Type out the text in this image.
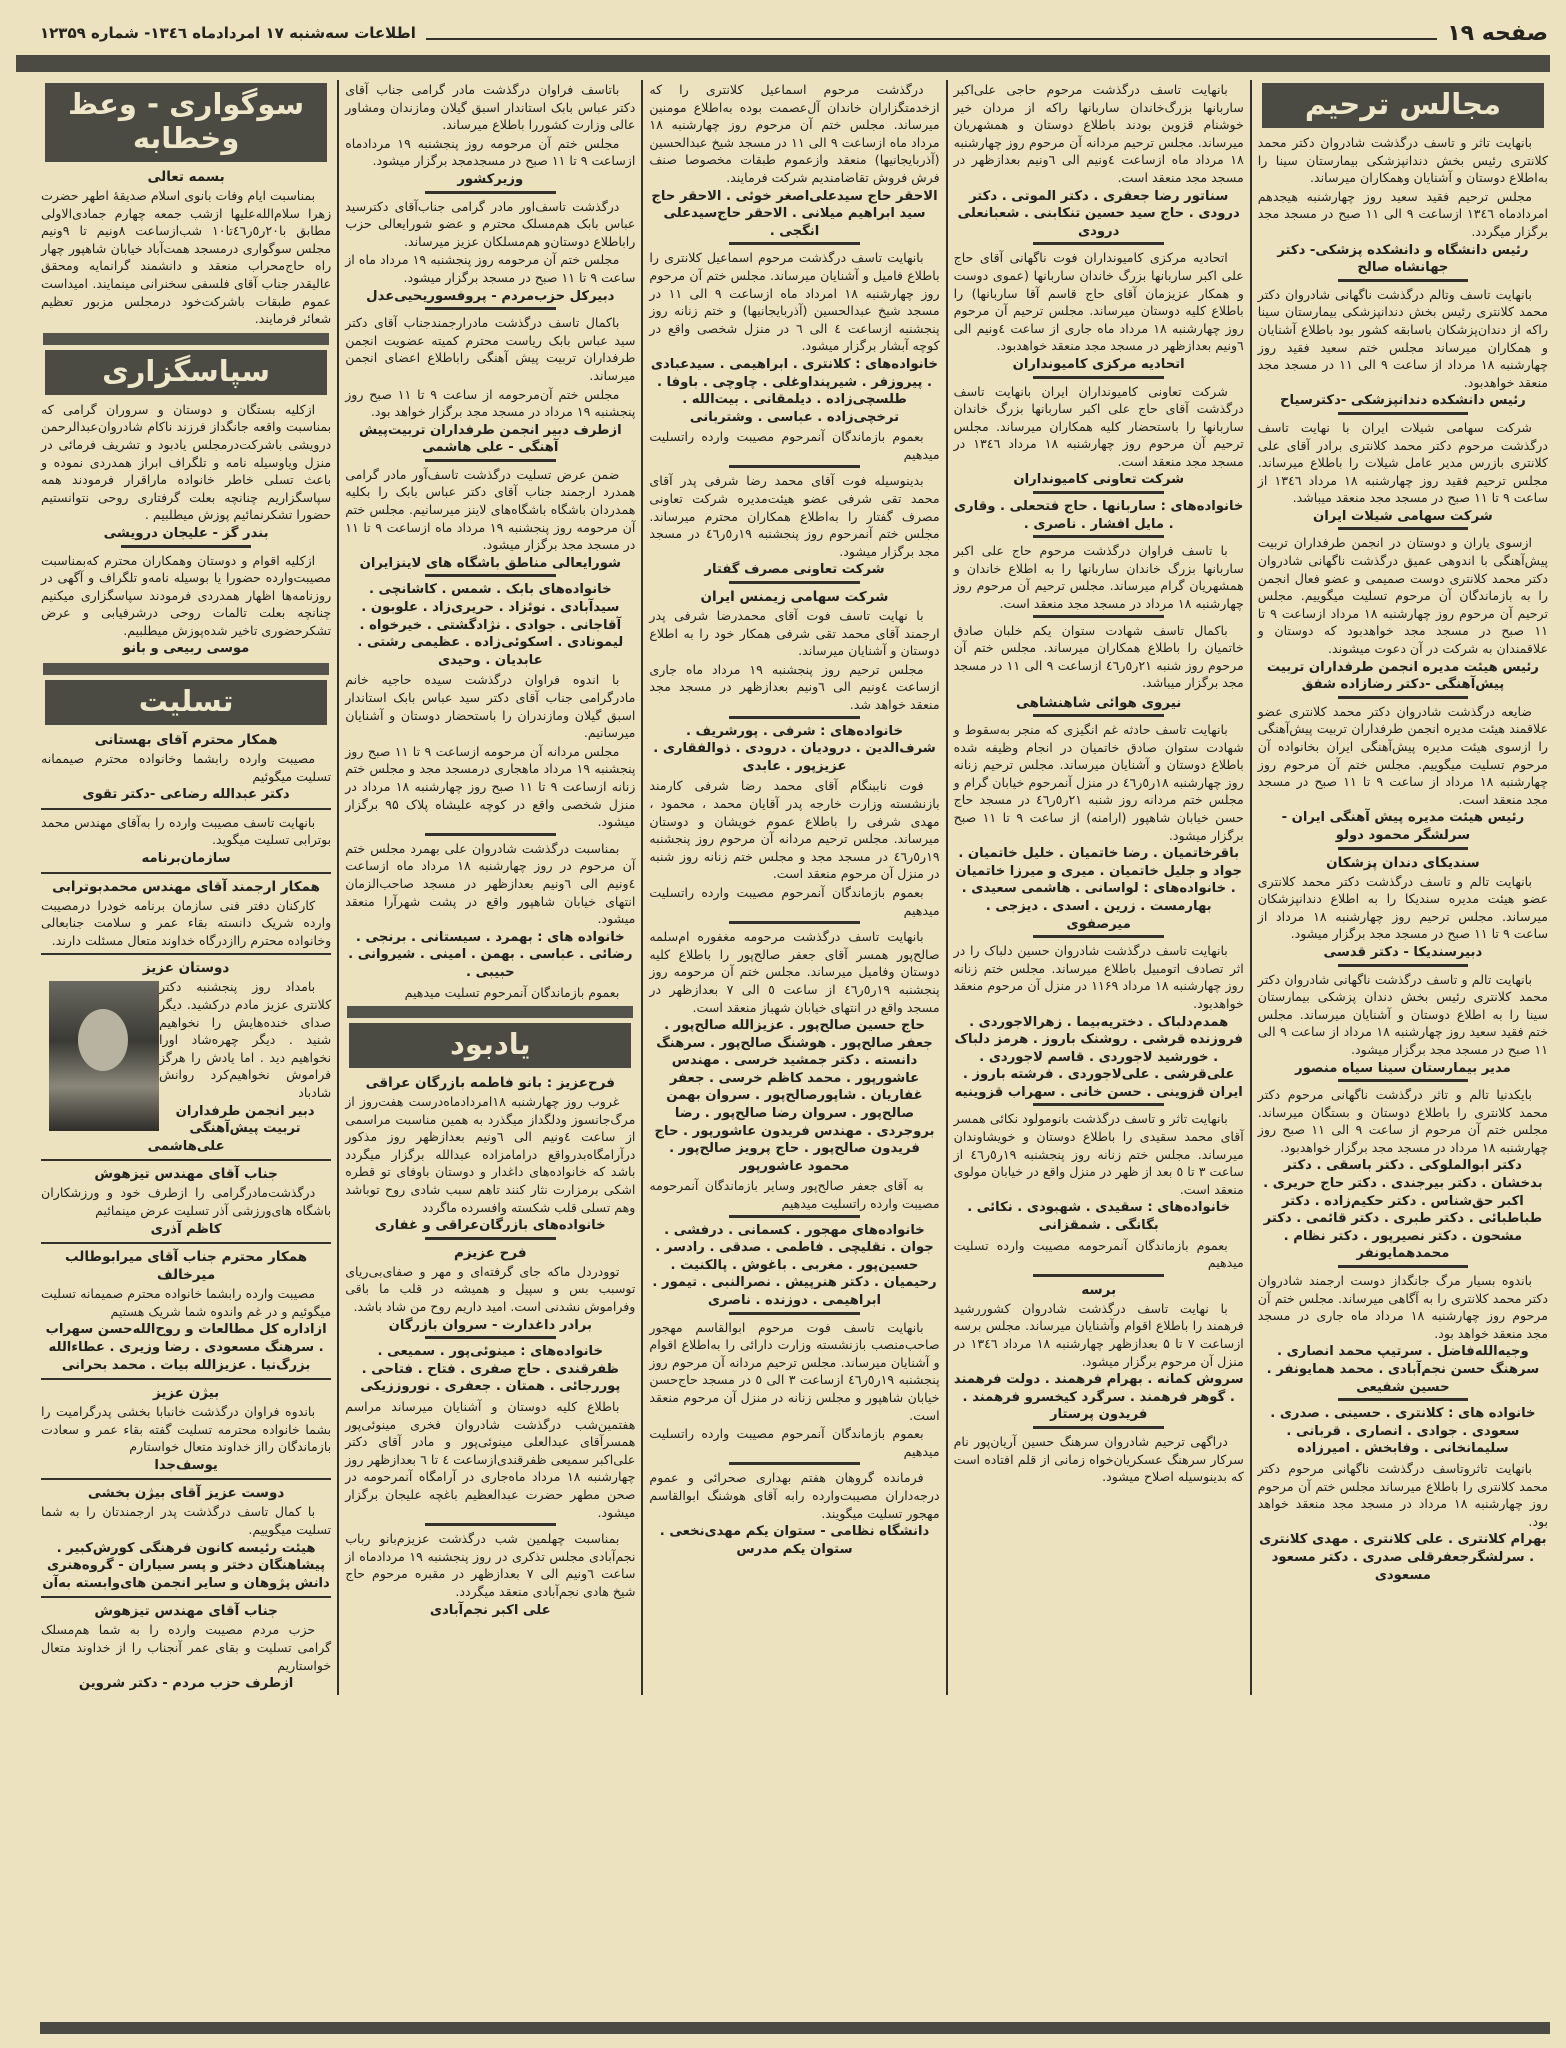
صفحه ۱۹
اطلاعات سه‌شنبه ۱۷ امردادماه ۱۳٤٦- شماره ۱۲۳۵۹
مجالس ترحیم
بانهایت تاثر و تاسف درگذشت شادروان دکتر محمد کلانتری رئیس بخش دندانپزشکی بیمارستان سینا را به‌اطلاع دوستان و آشنایان وهمکاران میرساند.
مجلس ترحیم فقید سعید روز چهارشنبه هیجدهم امردادماه ۱۳٤٦ ازساعت ۹ الی ۱۱ صبح در مسجد مجد برگزار میگردد.
رئیس دانشگاه و دانشکده پزشکی- دکتر جهانشاه صالح
بانهایت تاسف وتالم درگذشت ناگهانی شادروان دکتر محمد کلانتری رئیس بخش دندانپزشکی بیمارستان سینا راکه از دندان‌پزشکان باسابقه کشور بود باطلاع آشنایان و همکاران میرساند مجلس ختم سعید فقید روز چهارشنبه ۱۸ مرداد از ساعت ۹ الی ۱۱ در مسجد مجد منعقد خواهدبود.
رئیس دانشکده دندانپزشکی -دکترسیاح
شرکت سهامی شیلات ایران با نهایت تاسف درگذشت مرحوم دکتر محمد کلانتری برادر آقای علی کلانتری بازرس مدیر عامل شیلات را باطلاع میرساند. مجلس ترحیم فقید روز چهارشنبه ۱۸ مرداد ۱۳٤٦ از ساعت ۹ تا ۱۱ صبح در مسجد مجد منعقد میباشد.
شرکت سهامی شیلات ایران
ازسوی یاران و دوستان در انجمن طرفداران تربیت پیش‌آهنگی با اندوهی عمیق درگذشت ناگهانی شادروان دکتر محمد کلانتری دوست صمیمی و عضو فعال انجمن را به بازماندگان آن مرحوم تسلیت میگوییم. مجلس ترحیم آن مرحوم روز چهارشنبه ۱۸ مرداد ازساعت ۹ تا ۱۱ صبح در مسجد مجد خواهدبود که دوستان و علاقمندان به شرکت در آن دعوت میشوند.
رئیس هیئت مدیره انجمن طرفداران تربیت پیش‌آهنگی -دکتر رضازاده شفق
ضایعه درگذشت شادروان دکتر محمد کلانتری عضو علاقمند هیئت مدیره انجمن طرفداران تربیت پیش‌آهنگی را ازسوی هیئت مدیره پیش‌آهنگی ایران بخانواده آن مرحوم تسلیت میگوییم. مجلس ختم آن مرحوم روز چهارشنبه ۱۸ مرداد از ساعت ۹ تا ۱۱ صبح در مسجد مجد منعقد است.
رئیس هیئت مدیره پیش آهنگی ایران - سرلشگر محمود دولو
سندیکای دندان پزشکان
بانهایت تالم و تاسف درگذشت دکتر محمد کلانتری عضو هیئت مدیره سندیکا را به اطلاع دندانپزشکان میرساند. مجلس ترحیم روز چهارشنبه ۱۸ مرداد از ساعت ۹ تا ۱۱ صبح در مسجد مجد برگزار میشود.
دبیرسندیکا - دکتر قدسی
بانهایت تالم و تاسف درگذشت ناگهانی شادروان دکتر محمد کلانتری رئیس بخش دندان پزشکی بیمارستان سینا را به اطلاع دوستان و آشنایان میرساند. مجلس ختم فقید سعید روز چهارشنبه ۱۸ مرداد از ساعت ۹ الی ۱۱ صبح در مسجد مجد برگزار میشود.
مدیر بیمارستان سینا سیاه منصور
بایکدنیا تالم و تاثر درگذشت ناگهانی مرحوم دکتر محمد کلانتری را باطلاع دوستان و بستگان میرساند. مجلس ختم آن مرحوم از ساعت ۹ الی ۱۱ صبح روز چهارشنبه ۱۸ مرداد در مسجد مجد برگزار خواهدبود.
دکتر ابوالملوکی . دکتر باسقی . دکتر بدخشان . دکتر بیرجندی . دکتر حاج حریری . اکبر حق‌شناس . دکتر حکیم‌زاده . دکتر طباطبائی . دکتر طبری . دکتر قائمی . دکتر مشحون . دکتر نصیرپور . دکتر نظام . محمد‌هما‌یونفر
باندوه بسیار مرگ جانگداز دوست ارجمند شادروان دکتر محمد کلانتری را به آگاهی میرساند. مجلس ختم آن مرحوم روز چهارشنبه ۱۸ مرداد ماه جاری در مسجد مجد منعقد خواهد بود.
وجیه‌الله‌فاضل . سرتیپ محمد انصاری . سرهنگ حسن نجم‌آبادی . محمد همایونفر . حسین شفیعی
خانواده های : کلانتری . حسینی . صدری . سعودی . جوادی . انصاری . قربانی . سلیمانخانی . وفابخش . امیرزاده
بانهایت تاثروتاسف درگذشت ناگهانی مرحوم دکتر محمد کلانتری را باطلاع میرساند مجلس ختم آن مرحوم روز چهارشنبه ۱۸ مرداد در مسجد مجد منعقد خواهد بود.
بهرام کلانتری . علی کلانتری . مهدی کلانتری . سرلشگرجعفرقلی صدری . دکتر مسعود مسعودی
بانهایت تاسف درگذشت مرحوم حاجی علی‌اکبر ساربانها بزرگ‌خاندان ساربانها راکه از مردان خیر خوشنام قزوین بودند باطلاع دوستان و همشهریان میرساند. مجلس ترحیم مردانه آن مرحوم روز چهارشنبه ۱۸ مرداد ماه ازساعت ٤ونیم الی ٦ونیم بعدازظهر در مسجد مجد منعقد است.
سناتور رضا جعفری . دکتر الموتی . دکتر درودی . حاج سید حسین تنکابنی . شعبانعلی درودی
اتحادیه مرکزی کامیونداران فوت ناگهانی آقای حاج علی اکبر ساربانها بزرگ خاندان ساربانها (عموی دوست و همکار عزیزمان آقای حاج قاسم آقا ساربانها) را باطلاع کلیه دوستان میرساند. مجلس ترحیم آن مرحوم روز چهارشنبه ۱۸ مرداد ماه جاری از ساعت ٤ونیم الی ٦ونیم بعدازظهر در مسجد مجد منعقد خواهدبود.
اتحادیه مرکزی کامیونداران
شرکت تعاونی کامیونداران ایران بانهایت تاسف درگذشت آقای حاج علی اکبر ساربانها بزرگ خاندان ساربانها را باستحضار کلیه همکاران میرساند. مجلس ترحیم آن مرحوم روز چهارشنبه ۱۸ مرداد ۱۳٤٦ در مسجد مجد منعقد است.
شرکت تعاونی کامیونداران
خانواده‌های : ساربانها . حاج فتحعلی . وقاری . مایل افشار . ناصری .
با تاسف فراوان درگذشت مرحوم حاج علی اکبر ساربانها بزرگ خاندان ساربانها را به اطلاع خاندان و همشهریان گرام میرساند. مجلس ترحیم آن مرحوم روز چهارشنبه ۱۸ مرداد در مسجد مجد منعقد است.
باکمال تاسف شهادت ستوان یکم خلبان صادق خاتمیان را باطلاع همکاران میرساند. مجلس ختم آن مرحوم روز شنبه ۲۱ر٥ر٤٦ ازساعت ۹ الی ۱۱ در مسجد مجد برگزار میباشد.
نیروی هوائی شاهنشاهی
بانهایت تاسف حادثه غم انگیزی که منجر به‌سقوط و شهادت ستوان صادق خاتمیان در انجام وظیفه شده باطلاع دوستان و آشنایان میرساند. مجلس ترحیم زنانه روز چهارشنبه ۱۸ر٥ر٤٦ در منزل آنمرحوم خیابان گرام و مجلس ختم مردانه روز شنبه ۲۱ر٥ر٤٦ در مسجد حاج حسن خیابان شاهپور (ارامنه) از ساعت ۹ تا ۱۱ صبح برگزار میشود.
باقرخاتمیان . رضا خاتمیان . خلیل خاتمیان . جواد و جلیل خاتمیان . میری و میرزا خاتمیان . خانواده‌های : لواسانی . هاشمی سعیدی . بهارمست . زرین . اسدی . دیزجی . میرصفوی
بانهایت تاسف درگذشت شادروان حسین دلباک را در اثر تصادف اتومبیل باطلاع میرساند. مجلس ختم زنانه روز چهارشنبه ۱۸ مرداد ۱۱۶۹ در منزل آن مرحوم منعقد خواهدبود.
همدم‌دلباک . دختریه‌بیما . زهرالاجوردی . فروزنده قرشی . روشنک باروز . هرمز دلباک . خورشید لاجوردی . قاسم لاجوردی . علی‌قرشی . علی‌لاجوردی . فرشته باروز . ایران قزوینی . حسن خانی . سهراب قزوینیه
بانهایت تاثر و تاسف درگذشت بانومولود نکائی همسر آقای محمد سقیدی را باطلاع دوستان و خویشاوندان میرساند. مجلس ختم زنانه روز پنجشنبه ۱۹ر٥ر٤٦ از ساعت ۳ تا ٥ بعد از ظهر در منزل واقع در خیابان مولوی منعقد است.
خانواده‌های : سقیدی . شهبودی . نکائی . بگانگی . شمقزانی
بعموم بازماندگان آنمرحومه مصیبت وارده تسلیت میدهیم
برسه
با نهایت تاسف درگذشت شادروان کشوررشید فرهمند را باطلاع اقوام وآشنایان میرساند. مجلس برسه ازساعت ۷ تا ۵ بعدازظهر چهارشنبه ۱۸ مرداد ۱۳٤٦ در منزل آن مرحوم برگزار میشود.
سروش کمانه . بهرام فرهمند . دولت فرهمند . گوهر فرهمند . سرگرد کیخسرو فرهمند . فریدون پرستار
دراگهی ترحیم شادروان سرهنگ حسین آریان‌پور نام سرکار سرهنگ عسکریان‌خواه زمانی از قلم افتاده است که بدینوسیله اصلاح میشود.
درگذشت مرحوم اسماعیل کلانتری را که ازخدمتگزاران خاندان آل‌عصمت بوده به‌اطلاع مومنین میرساند. مجلس ختم آن مرحوم روز چهارشنبه ۱۸ مرداد ماه ازساعت ۹ الی ۱۱ در مسجد شیخ عبدالحسین (آذربایجانیها) منعقد وازعموم طبقات مخصوصا صنف فرش فروش تقاضامندیم شرکت فرمایند.
الاحقر حاج سیدعلی‌اصغر خوئی . الاحقر حاج سید ابراهیم میلانی . الاحقر حاج‌سیدعلی انگجی .
بانهایت تاسف درگذشت مرحوم اسماعیل کلانتری را باطلاع فامیل و آشنایان میرساند. مجلس ختم آن مرحوم روز چهارشنبه ۱۸ امرداد ماه ازساعت ۹ الی ۱۱ در مسجد شیخ عبدالحسین (آذربایجانیها) و ختم زنانه روز پنجشنبه ازساعت ٤ الی ٦ در منزل شخصی واقع در کوچه آبشار برگزار میشود.
خانواده‌های : کلانتری . ابراهیمی . سیدعبادی . پیروزفر . شیرپنداوغلی . چاوچی . باوفا . طلسچی‌زاده . دیلمقانی . بیت‌الله . ترخچی‌زاده . عباسی . وشتربانی
بعموم بازماندگان آنمرحوم مصیبت وارده راتسلیت میدهیم
بدینوسیله فوت آقای محمد رضا شرفی پدر آقای محمد تقی شرفی عضو هیئت‌مدیره شرکت تعاونی مصرف گفتار را به‌اطلاع همکاران محترم میرساند. مجلس ختم آنمرحوم روز پنجشنبه ۱۹ر٥ر٤٦ در مسجد مجد برگزار میشود.
شرکت تعاونی مصرف گفتار
شرکت سهامی زیمنس ایران
با نهایت تاسف فوت آقای محمدرضا شرفی پدر ارجمند آقای محمد تقی شرفی همکار خود را به اطلاع دوستان و آشنایان میرساند.
مجلس ترحیم روز پنجشنبه ۱۹ مرداد ماه جاری ازساعت ٤ونیم الی ٦ونیم بعدازظهر در مسجد مجد منعقد خواهد شد.
خانواده‌های : شرفی . پورشریف . شرف‌الدین . درودیان . درودی . ذوالفقاری . عزیزپور . عابدی
فوت ناببنگام آقای محمد رضا شرفی کارمند بازنشسته وزارت خارجه پدر آقایان محمد ، محمود ، مهدی شرفی را باطلاع عموم خویشان و دوستان میرساند. مجلس ترحیم مردانه آن مرحوم روز پنجشنبه ۱۹ر٥ر٤٦ در مسجد مجد و مجلس ختم زنانه روز شنبه در منزل آن مرحوم منعقد است.
بعموم بازماندگان آنمرحوم مصیبت وارده راتسلیت میدهیم
بانهایت تاسف درگذشت مرحومه مغفوره ام‌سلمه صالح‌پور همسر آقای جعفر صالح‌پور را باطلاع کلیه دوستان وفامیل میرساند. مجلس ختم آن مرحومه روز پنجشنبه ۱۹ر٥ر٤٦ از ساعت ٥ الی ۷ بعدازظهر در مسجد واقع در انتهای خیابان شهباز منعقد است.
حاج حسین صالح‌پور . عزیزالله صالح‌پور . جعفر صالح‌پور . هوشنگ صالح‌پور . سرهنگ دانسته . دکتر جمشید خرسی . مهندس عاشورپور . محمد کاظم خرسی . جعفر غفاریان . شاپورصالح‌پور . سروان بهمن صالح‌پور . سروان رضا صالح‌پور . رضا بروجردی . مهندس فریدون عاشورپور . حاج فریدون صالح‌پور . حاج پرویز صالح‌پور . محمود عاشورپور
به آقای جعفر صالح‌پور وسایر بازماندگان آنمرحومه مصیبت وارده راتسلیت میدهیم
خانواده‌های مهجور . کسمانی . درفشی . جوان . نقلیچی . فاطمی . صدقی . رادسر . حسین‌پور . مغربی . باغوش . پالکنیت . رحیمیان . دکتر هنرپیش . نصرالنبی . تیمور . ابراهیمی . دوزنده . ناصری
بانهایت تاسف فوت مرحوم ابوالقاسم مهجور صاحب‌منصب بازنشسته وزارت دارائی را به‌اطلاع اقوام و آشنایان میرساند. مجلس ترحیم مردانه آن مرحوم روز پنجشنبه ۱۹ر٥ر٤٦ ازساعت ۳ الی ٥ در مسجد حاج‌حسن خیابان شاهپور و مجلس زنانه در منزل آن مرحوم منعقد است.
بعموم بازماندگان آنمرحوم مصیبت وارده راتسلیت میدهیم
فرمانده گروهان هفتم بهداری صحرائی و عموم درجه‌داران مصیبت‌وارده رابه آقای هوشنگ ابوالقاسم مهجور تسلیت میگویند.
دانشگاه نظامی - ستوان یکم مهدی‌نخعی . ستوان یکم مدرس
باتاسف فراوان درگذشت مادر گرامی جناب آقای دکتر عباس بابک استاندار اسبق گیلان ومازندان ومشاور عالی وزارت کشوررا باطلاع میرساند.
مجلس ختم آن مرحومه روز پنجشنبه ۱۹ مردادماه ازساعت ۹ تا ۱۱ صبح در مسجدمجد برگزار میشود.
وزیرکشور
درگذشت تاسف‌اور مادر گرامی جناب‌آقای دکترسید عباس بابک هم‌مسلک محترم و عضو شورایعالی حزب راباطلاع دوستان‌و هم‌مسلکان عزیز میرساند.
مجلس ختم آن مرحومه روز پنجشنبه ۱۹ مرداد ماه از ساعت ۹ تا ۱۱ صبح در مسجد برگزار میشود.
دبیرکل حزب‌مردم - پروفسوریحیی‌عدل
باکمال تاسف درگذشت مادرارجمندجناب آقای دکتر سید عباس بابک ریاست محترم کمیته عضویت انجمن طرفداران تربیت پیش آهنگی راباطلاع اعضای انجمن میرساند.
مجلس ختم آن‌مرحومه از ساعت ۹ تا ۱۱ صبح روز پنجشنبه ۱۹ مرداد در مسجد مجد برگزار خواهد بود.
ازطرف دبیر انجمن طرفداران تربیت‌پیش آهنگی - علی هاشمی
ضمن عرض تسلیت درگذشت تاسف‌آور مادر گرامی همدرد ارجمند جناب آقای دکتر عباس بابک را بکلیه همدردان باشگاه باشگاه‌های لاینز میرسانیم. مجلس ختم آن مرحومه روز پنجشنبه ۱۹ مرداد ماه ازساعت ۹ تا ۱۱ در مسجد مجد برگزار میشود.
شورایعالی مناطق باشگاه های لاینز‌ایران
خانواده‌های بابک . شمس . کاشانچی . سیدآبادی . نوئزاد . حریری‌زاد . علوبون . آقاجانی . جوادی . نژادگشتی . خیرخواه . لیمونادی . اسکوئی‌زاده . عظیمی رشتی . عابدیان . وحیدی
با اندوه فراوان درگذشت سیده حاجیه خانم مادرگرامی جناب آقای دکتر سید عباس بابک استاندار اسبق گیلان ومازندران را باستحضار دوستان و آشنایان میرسانیم.
مجلس مردانه آن مرحومه ازساعت ۹ تا ۱۱ صبح روز پنجشنبه ۱۹ مرداد ماهجاری درمسجد مجد و مجلس ختم زنانه ازساعت ۹ تا ۱۱ صبح روز چهارشنبه ۱۸ مرداد در منزل شخصی واقع در کوچه علیشاه پلاک ۹۵ برگزار میشود.
بمناسبت درگذشت شادروان علی بهمرد مجلس ختم آن مرحوم در روز چهارشنبه ۱۸ مرداد ماه ازساعت ٤ونیم الی ٦ونیم بعدازظهر در مسجد صاحب‌الزمان انتهای خیابان شاهپور واقع در پشت شهرآرا منعقد میشود.
خانواده های : بهمرد . سیستانی . برنجی . رضائی . عباسی . بهمن . امینی . شیروانی . حبیبی .
بعموم بازماندگان آنمرحوم تسلیت میدهیم
یادبود
فرح‌عزیز : بانو فاطمه بازرگان عراقی
غروب روز چهارشنبه ۱۸امردادماه‌درست هفت‌روز از مرگ‌جانسوز ودلگداز میگذرد به همین مناسبت مراسمی از ساعت ٤ونیم الی ٦ونیم بعدازظهر روز مذکور درآرامگاه‌بدرواقع درامامزاده عبدالله برگزار میگردد باشد که خانواده‌های داغدار و دوستان باوفای تو قطره اشکی برمزارت نثار کنند تاهم سبب شادی روح توباشد وهم تسلی قلب شکسته وافسرده ماگردد
خانواده‌های بازرگان‌عراقی و غفاری
فرح عزیزم
توودردل ماکه جای گرفته‌ای و مهر و صفای‌بی‌ریای توسبب بس و سپیل و همیشه در قلب ما باقی وفراموش نشدنی است. امید داریم روح من شاد باشد.
برادر داغدارت - سروان بازرگان
خانواده‌های : مینوئی‌پور . سمیعی . ظفرقندی . حاج صفری . فتاح . فتاحی . پوررجائی . همتان . جعفری . نوروززیکی
باطلاع کلیه دوستان و آشنایان میرساند مراسم هفتمین‌شب درگذشت شادروان فخری مینوئی‌پور همسرآقای عبدالعلی مینوئی‌پور و مادر آقای دکتر علی‌اکبر سمیعی ظفرقندی‌ازساعت ٤ تا ٦ بعدازظهر روز چهارشنبه ۱۸ مرداد ماه‌جاری در آرامگاه آنمرحومه در صحن مطهر حضرت عبدالعظیم باغچه علیجان برگزار میشود.
بمناسبت چهلمین شب درگذشت عزیزم‌بانو رباب نجم‌آبادی مجلس تذکری در روز پنجشنبه ۱۹ مردادماه از ساعت ٦ونیم الی ۷ بعدازظهر در مقبره مرحوم حاج شیخ هادی نجم‌آبادی منعقد میگردد.
علی اکبر نجم‌آبادی
سوگواری - وعظ وخطابه
بسمه تعالی
بمناسبت ایام وفات بانوی اسلام صدیقهٔ اطهر حضرت زهرا سلام‌الله‌علیها ازشب جمعه چهارم جمادی‌الاولی مطابق با۲۰ر٥ر٤٦تا۱۰ شب‌ازساعت ۸ونیم تا ۹ونیم مجلس سوگواری درمسجد همت‌آباد خیابان شاهپور چهار راه حاج‌محراب منعقد و دانشمند گرانمایه ومحقق عالیقدر جناب آقای فلسفی سخنرانی مینمایند. امیداست عموم طبقات باشرکت‌خود درمجلس مزبور تعظیم شعائر فرمایند.
سپاسگزاری
ازکلیه بستگان و دوستان و سروران گرامی که بمناسبت واقعه جانگداز فرزند ناکام شادروان‌عبدالرحمن درویشی باشرکت‌درمجلس یادبود و تشریف فرمائی در منزل ویاوسیله نامه و تلگراف ابراز همدردی نموده و باعث تسلی خاطر خانواده ماراقرار فرمودند همه سپاسگزاریم چنانچه بعلت گرفتاری روحی نتوانستیم حضورا تشکرنمائیم پوزش میطلبیم .
بندر گز - علیجان درویشی
ازکلیه اقوام و دوستان وهمکاران محترم که‌بمناسبت مصیبت‌وارده حضورا یا بوسیله نامه‌و تلگراف و آگهی در روزنامه‌ها اظهار همدردی فرمودند سپاسگزاری میکنیم چنانچه بعلت تالمات روحی درشرفیابی و عرض تشکرحضوری تاخیر شده‌پوزش میطلبیم.
موسی ربیعی و بانو
تسلیت
همکار محترم آقای بهستانی
مصیبت وارده رابشما وخانواده محترم صیممانه تسلیت میگوئیم
دکتر عبدالله رضاعی -دکتر تقوی
بانهایت تاسف مصیبت وارده را به‌آقای مهندس محمد بوترابی تسلیت میگوید.
سازمان‌برنامه
همکار ارجمند آقای مهندس محمدبوترابی
کارکنان دفتر فنی سازمان برنامه خودرا درمصیبت وارده شریک دانسته بقاء عمر و سلامت جنابعالی وخانواده محترم راازدرگاه خداوند متعال مسئلت دارند.
دوستان عزیز
بامداد روز پنجشنبه دکتر کلانتری عزیز مادم درکشید. دیگر صدای خنده‌هایش را نخواهیم شنید . دیگر چهره‌شاد اورا نخواهیم دید . اما یادش را هرگز فراموش نخواهیم‌کرد روانش شادباد
دبیر انجمن طرفداران تربیت پیش‌آهنگی علی‌هاشمی
جناب آقای مهندس تیزهوش
درگذشت‌مادرگرامی را از‌طرف خود و ورزشکاران باشگاه های‌ورزشی آذر تسلیت عرض مینمائیم
کاظم آذری
همکار محترم جناب آقای میرابوطالب میرخالف
مصیبت وارده رابشما خانواده محترم صمیمانه تسلیت میگوئیم و در غم واندوه شما شریک هستیم
ازاداره کل مطالعات و روح‌الله‌حسن سهراب . سرهنگ مسعودی . رضا وزیری . عطاءالله بزرگ‌نیا . عزیزالله بیات . محمد بحرانی
بیژن عزیز
باندوه فراوان درگذشت خانبابا بخشی پدرگرامیت را بشما خانواده محترمه تسلیت گفته بقاء عمر و سعادت بازماندگان رااز خداوند متعال خواستارم
یوسف‌جدا
دوست عزیز آقای بیژن بخشی
با کمال تاسف درگذشت پدر ارجمندتان را به شما تسلیت میگوییم.
هیئت رئیسه کانون فرهنگی کورش‌کبیر . پیشاهنگان دختر و پسر سیاران - گروه‌هنری دانش پژوهان و سایر انجمن های‌وابسته به‌آن
جناب آقای مهندس تیزهوش
حزب مردم مصیبت وارده را به شما هم‌مسلک گرامی تسلیت و بقای عمر آنجناب را از خداوند متعال خواستاریم
ازطرف حزب مردم - دکتر شروین
